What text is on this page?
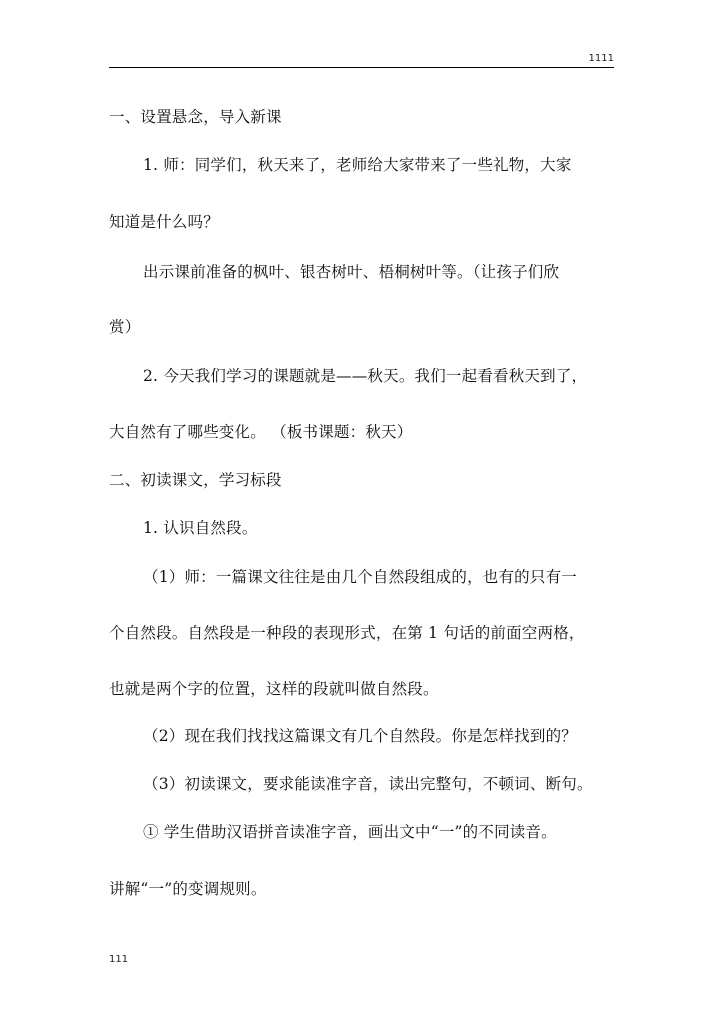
1111
一、设置悬念，导入新课
1. 师：同学们，秋天来了，老师给大家带来了一些礼物，大家
知道是什么吗？
出示课前准备的枫叶、银杏树叶、梧桐树叶等。（让孩子们欣
赏）
2. 今天我们学习的课题就是——秋天。我们一起看看秋天到了，
大自然有了哪些变化。 （板书课题：秋天）
二、初读课文，学习标段
1. 认识自然段。
（1）师：一篇课文往往是由几个自然段组成的，也有的只有一
个自然段。自然段是一种段的表现形式，在第 1 句话的前面空两格，
也就是两个字的位置，这样的段就叫做自然段。
（2）现在我们找找这篇课文有几个自然段。你是怎样找到的？
（3）初读课文，要求能读准字音，读出完整句，不顿词、断句。
① 学生借助汉语拼音读准字音，画出文中“一”的不同读音。
讲解“一”的变调规则。
111
